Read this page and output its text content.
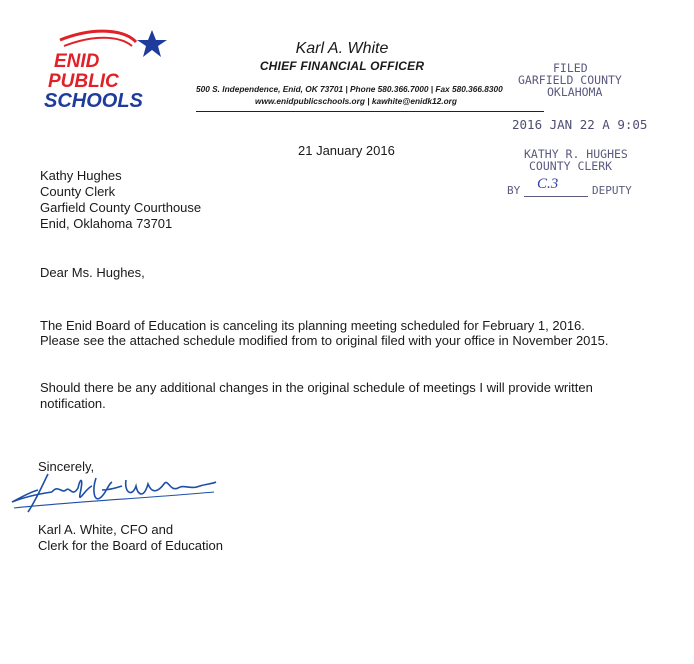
ENID
PUBLIC
SCHOOLS
Karl A. White
CHIEF FINANCIAL OFFICER
500 S. Independence, Enid, OK 73701 | Phone 580.366.7000 | Fax 580.366.8300
www.enidpublicschools.org | kawhite@enidk12.org
FILED
GARFIELD COUNTY
OKLAHOMA
2016 JAN 22 A 9:05
KATHY R. HUGHES
COUNTY CLERK
BY C.3	DEPUTY
21 January 2016
Kathy Hughes
County Clerk
Garfield County Courthouse
Enid, Oklahoma 73701
Dear Ms. Hughes,
The Enid Board of Education is canceling its planning meeting scheduled for February 1, 2016.
Please see the attached schedule modified from to original filed with your office in November 2015.
Should there be any additional changes in the original schedule of meetings I will provide written
notification.
Sincerely,
Karl A. White, CFO and
Clerk for the Board of Education
